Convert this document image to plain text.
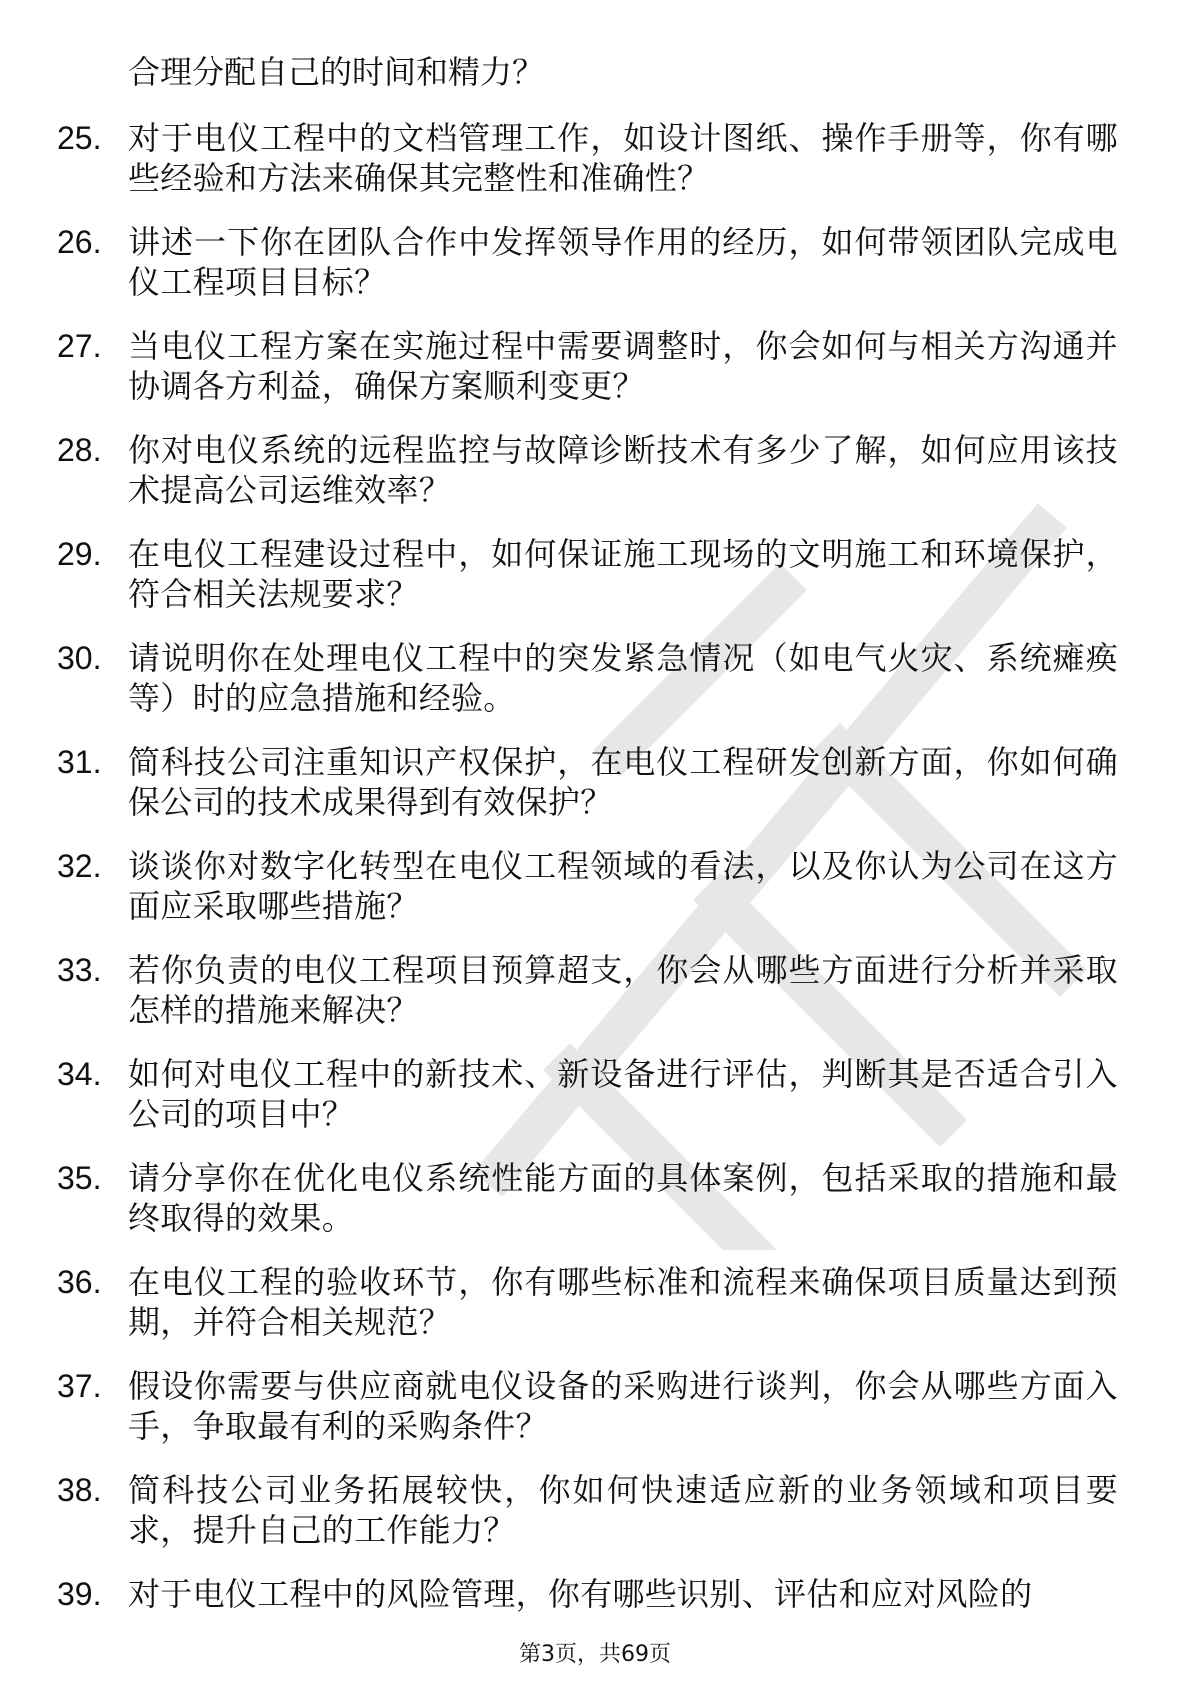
合理分配自己的时间和精力？
25. 对于电仪工程中的文档管理工作，如设计图纸、操作手册等，你有哪些经验和方法来确保其完整性和准确性？
26. 讲述一下你在团队合作中发挥领导作用的经历，如何带领团队完成电仪工程项目目标？
27. 当电仪工程方案在实施过程中需要调整时，你会如何与相关方沟通并协调各方利益，确保方案顺利变更？
28. 你对电仪系统的远程监控与故障诊断技术有多少了解，如何应用该技术提高公司运维效率？
29. 在电仪工程建设过程中，如何保证施工现场的文明施工和环境保护，符合相关法规要求？
30. 请说明你在处理电仪工程中的突发紧急情况（如电气火灾、系统瘫痪等）时的应急措施和经验。
31. 简科技公司注重知识产权保护，在电仪工程研发创新方面，你如何确保公司的技术成果得到有效保护？
32. 谈谈你对数字化转型在电仪工程领域的看法，以及你认为公司在这方面应采取哪些措施？
33. 若你负责的电仪工程项目预算超支，你会从哪些方面进行分析并采取怎样的措施来解决？
34. 如何对电仪工程中的新技术、新设备进行评估，判断其是否适合引入公司的项目中？
35. 请分享你在优化电仪系统性能方面的具体案例，包括采取的措施和最终取得的效果。
36. 在电仪工程的验收环节，你有哪些标准和流程来确保项目质量达到预期，并符合相关规范？
37. 假设你需要与供应商就电仪设备的采购进行谈判，你会从哪些方面入手，争取最有利的采购条件？
38. 简科技公司业务拓展较快，你如何快速适应新的业务领域和项目要求，提升自己的工作能力？
39. 对于电仪工程中的风险管理，你有哪些识别、评估和应对风险的
第3页，共69页
